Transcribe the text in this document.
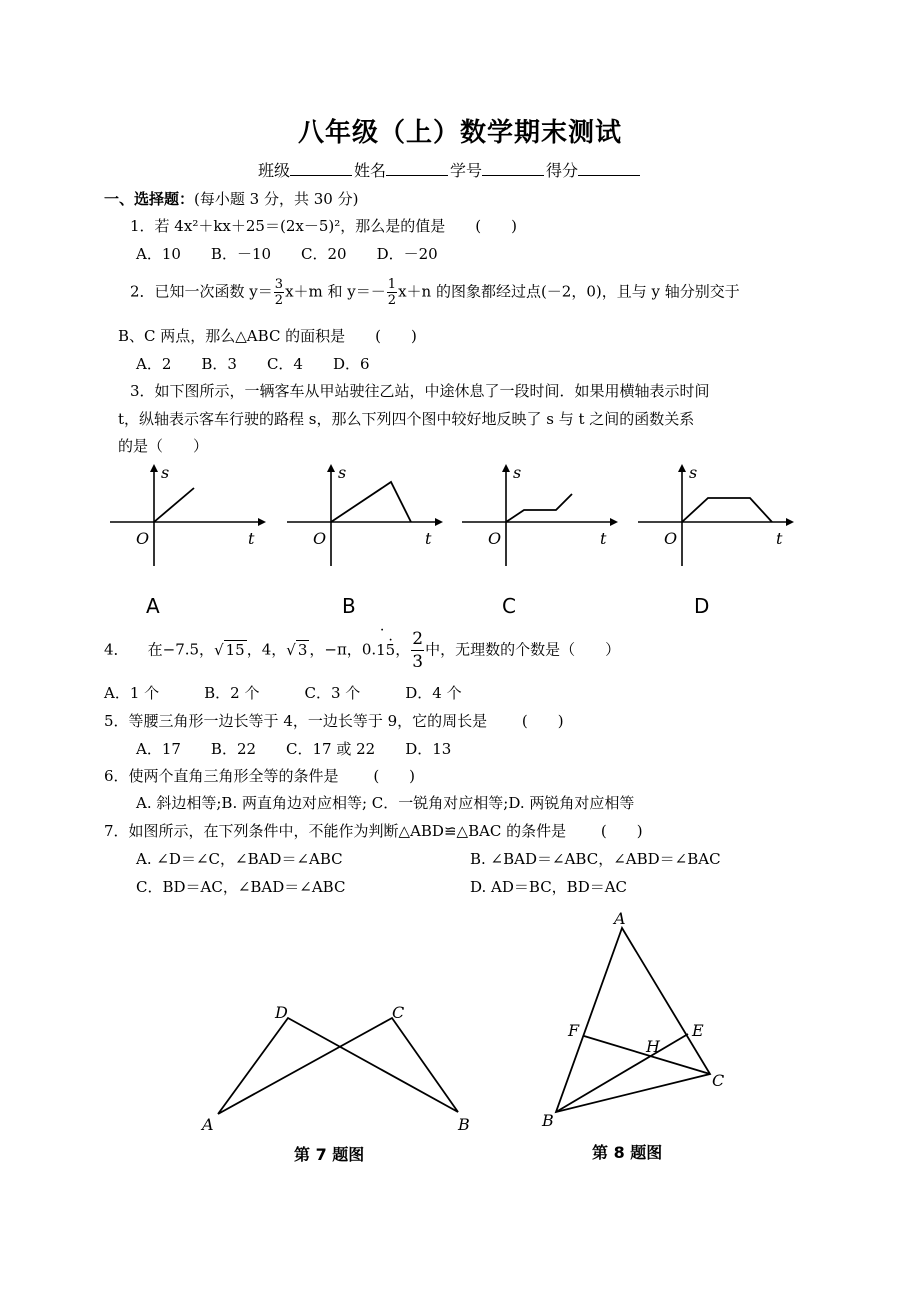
八年级（上）数学期末测试
班级	姓名	学号	得分
一、选择题：(每小题 3 分，共 30 分)
1．若 4x²＋kx＋25＝(2x－5)²，那么是的值是　　(　　)
A．10　　B．－10　　C．20　　D．－20
2．已知一次函数 $y= \frac{3}{2} x+m$ 和 $y=- \frac{1}{2} x+n$ 的图象都经过点(－2，0)，且与 y 轴分别交于
B、C 两点，那么△ABC 的面积是　　(　　)
A．2　　B．3　　C．4　　D．6
3．如下图所示，一辆客车从甲站驶往乙站，中途休息了一段时间．如果用横轴表示时间
t，纵轴表示客车行驶的路程 s，那么下列四个图中较好地反映了 s 与 t 之间的函数关系
的是（　　）
s
O	t
s
O	t
s
O	t
s
O	t
A	B	C	D
4． 在−7.5，√ 15 ，4，√ 3 ，−π，0.˙ 1˙ 5， $\frac{2}{3}$ 中，无理数的个数是（　　）
A．1 个　　　B．2 个　　　C．3 个　　　D．4 个
5．等腰三角形一边长等于 4，一边长等于 9，它的周长是　　 (　　)
A．17　　B．22　　C．17 或 22　　D．13
6．使两个直角三角形全等的条件是　　 (　　)
A. 斜边相等;B. 两直角边对应相等; C．一锐角对应相等;D. 两锐角对应相等
7．如图所示，在下列条件中，不能作为判断△ABD≌△BAC 的条件是　　 (　　)
A. ∠D＝∠C，∠BAD＝∠ABC	B. ∠BAD＝∠ABC，∠ABD＝∠BAC
C．BD＝AC，∠BAD＝∠ABC	D. AD＝BC，BD＝AC
D	C
A	B
第 7 题图
A
F	E
H
C
B
第 8 题图
